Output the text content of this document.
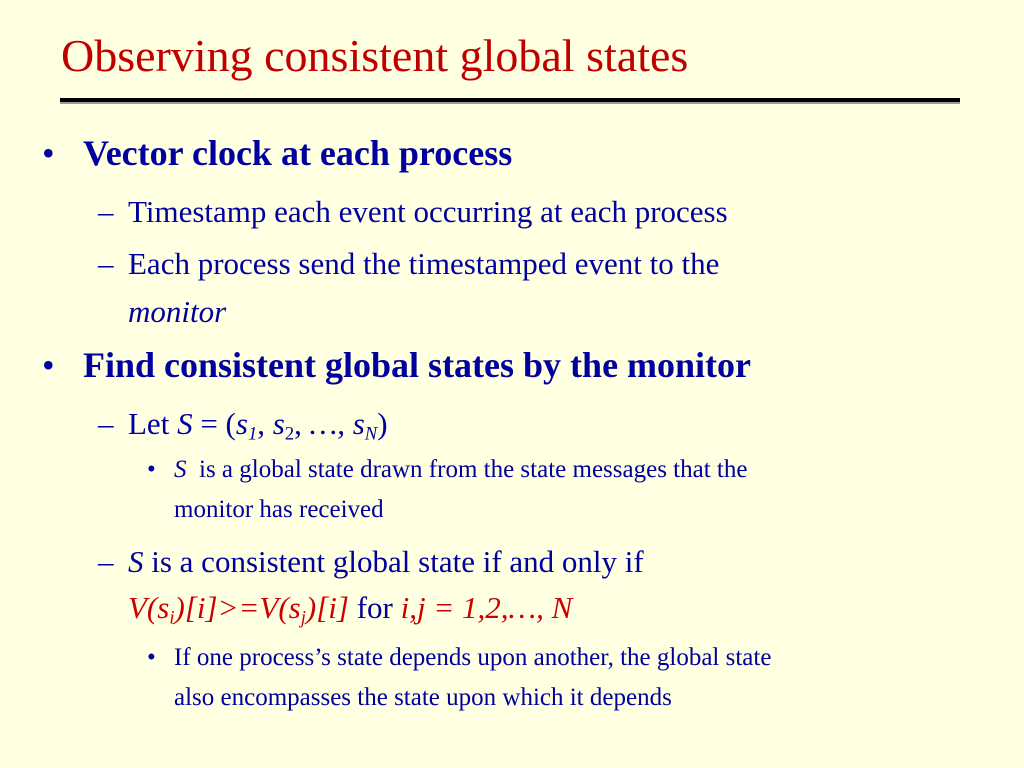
Observing consistent global states
• Vector clock at each process
– Timestamp each event occurring at each process
– Each process send the timestamped event to the
monitor
• Find consistent global states by the monitor
– Let $S = (s_1$, $s_2$, …, $s_N$)
• S is a global state drawn from the state messages that the
monitor has received
– S is a consistent global state if and only if
$V(s_i)[i]>=V(s_j)[i]$ for i,j = 1,2,…, N
• If one process’s state depends upon another, the global state
also encompasses the state upon which it depends
